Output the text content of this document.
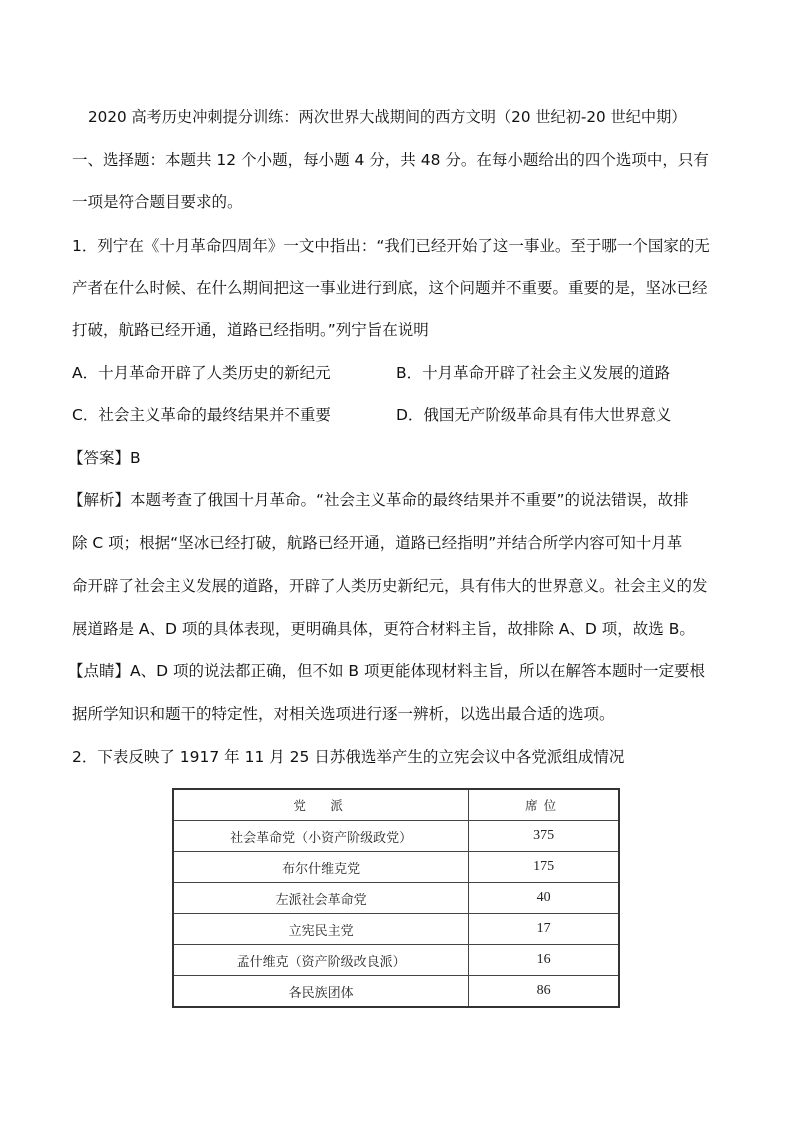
2020 高考历史冲刺提分训练：两次世界大战期间的西方文明（20 世纪初-20 世纪中期）
一、选择题：本题共 12 个小题，每小题 4 分，共 48 分。在每小题给出的四个选项中，只有
一项是符合题目要求的。
1．列宁在《十月革命四周年》一文中指出：“我们已经开始了这一事业。至于哪一个国家的无
产者在什么时候、在什么期间把这一事业进行到底，这个问题并不重要。重要的是，坚冰已经
打破，航路已经开通，道路已经指明。”列宁旨在说明
A．十月革命开辟了人类历史的新纪元	B．十月革命开辟了社会主义发展的道路
C．社会主义革命的最终结果并不重要	D．俄国无产阶级革命具有伟大世界意义
【答案】B
【解析】本题考查了俄国十月革命。“社会主义革命的最终结果并不重要”的说法错误，故排
除 C 项；根据“坚冰已经打破，航路已经开通，道路已经指明”并结合所学内容可知十月革
命开辟了社会主义发展的道路，开辟了人类历史新纪元，具有伟大的世界意义。社会主义的发
展道路是 A、D 项的具体表现，更明确具体，更符合材料主旨，故排除 A、D 项，故选 B。
【点睛】A、D 项的说法都正确，但不如 B 项更能体现材料主旨，所以在解答本题时一定要根
据所学知识和题干的特定性，对相关选项进行逐一辨析，以选出最合适的选项。
2．下表反映了 1917 年 11 月 25 日苏俄选举产生的立宪会议中各党派组成情况
党　派	席位
社会革命党（小资产阶级政党）	375
布尔什维克党	175
左派社会革命党	40
立宪民主党	17
孟什维克（资产阶级改良派）	16
各民族团体	86
